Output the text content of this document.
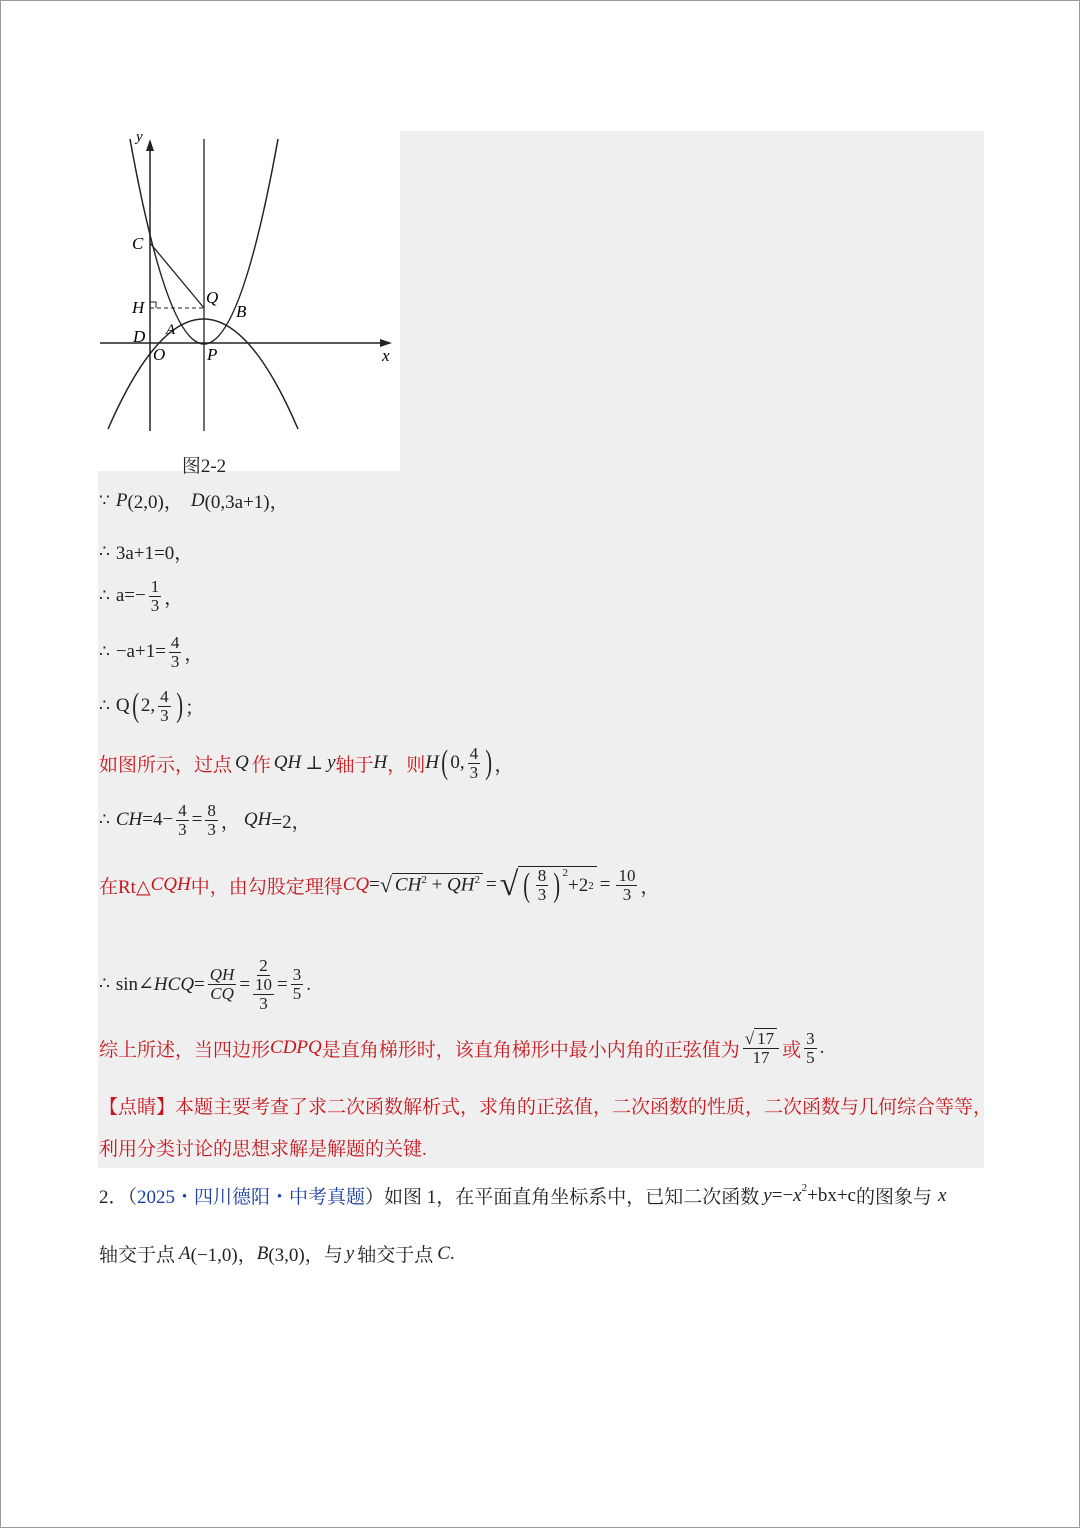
y
x
C
H
D A
O P
Q
B
图2-2
∵ P (2,0)， D (0,3a+1)，
∴ 3a+1=0，
∴ $a=- \frac{1}{3}$ ，
∴ $-a+1= \frac{4}{3}$ ，
∴ Q ( 2, $\frac{4}{3}$ ) ；
如图所示，过点 Q 作 QH ⊥ y 轴于 H ，则 H ( 0, $\frac{4}{3}$ ) ，
∴ CH $=4- \frac{4}{3} = \frac{8}{3}$ ， QH =2，
在Rt△ CQH 中，由勾股定理得 CQ = √ $CH^2 + QH^2$ = √ ( $\frac{8}{3} )^2$
+2 $2 = \frac{10}{3}$ ，
∴ sin∠ HCQ = $\frac{QH}{CQ} = \frac{2}{\frac{10}{3}} = \frac{3}{5}$ .
综上所述，当四边形 CDPQ 是直角梯形时，该直角梯形中最小内角的正弦值为 $\frac{√ 17}{17}$ 或 $\frac{3}{5}$ .
【点睛】本题主要考查了求二次函数解析式，求角的正弦值，二次函数的性质，二次函数与几何综合等等，
利用分类讨论的思想求解是解题的关键.
2．（ 2025・四川德阳・中考真题 ）如图 1，在平面直角坐标系中，已知二次函数 $y =- x^2 +bx+c$ 的图象与 x
轴交于点 A (−1,0)， B (3,0)， 与 y 轴交于点 C .
